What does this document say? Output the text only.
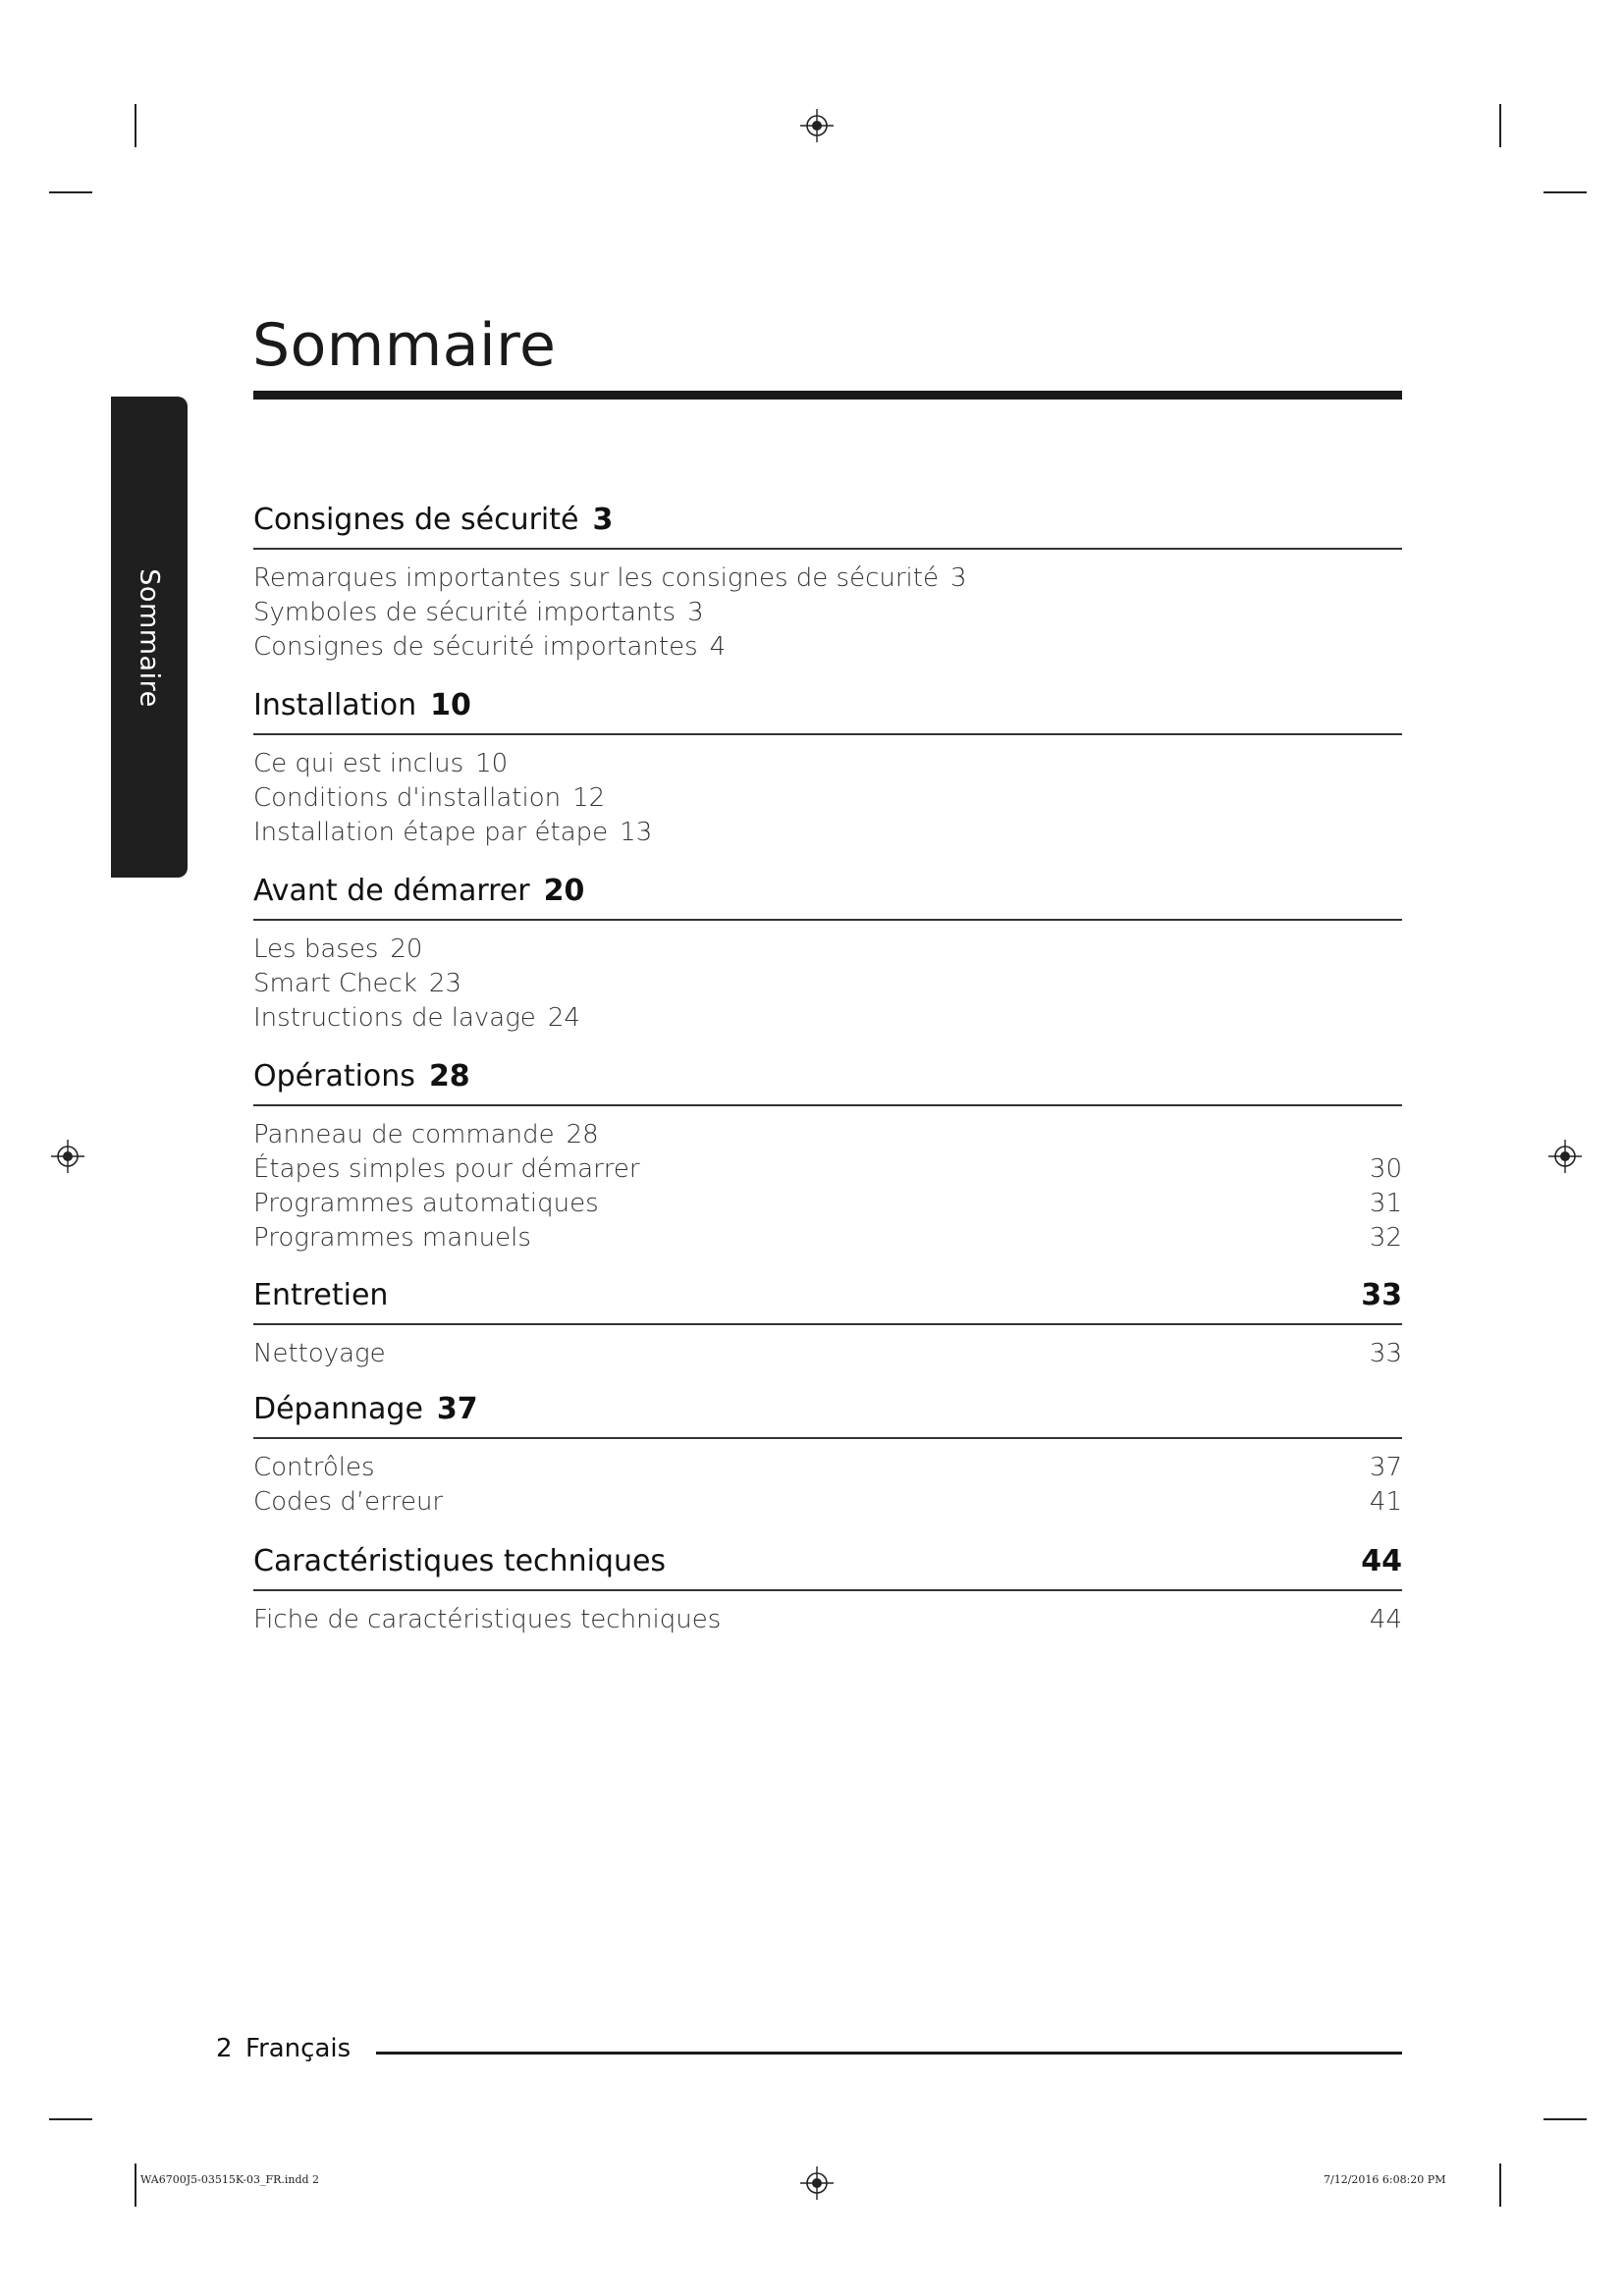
Sommaire
Sommaire
Consignes de sécurité 3
Remarques importantes sur les consignes de sécurité 3
Symboles de sécurité importants 3
Consignes de sécurité importantes 4
Installation 10
Ce qui est inclus 10
Conditions d'installation 12
Installation étape par étape 13
Avant de démarrer 20
Les bases 20
Smart Check 23
Instructions de lavage 24
Opérations 28
Panneau de commande 28
Étapes simples pour démarrer	30
Programmes automatiques	31
Programmes manuels	32
Entretien	33
Nettoyage	33
Dépannage 37
Contrôles	37
Codes d’erreur	41
Caractéristiques techniques	44
Fiche de caractéristiques techniques	44
2 Français
WA6700J5-03515K-03_FR.indd 2	7/12/2016 6:08:20 PM
